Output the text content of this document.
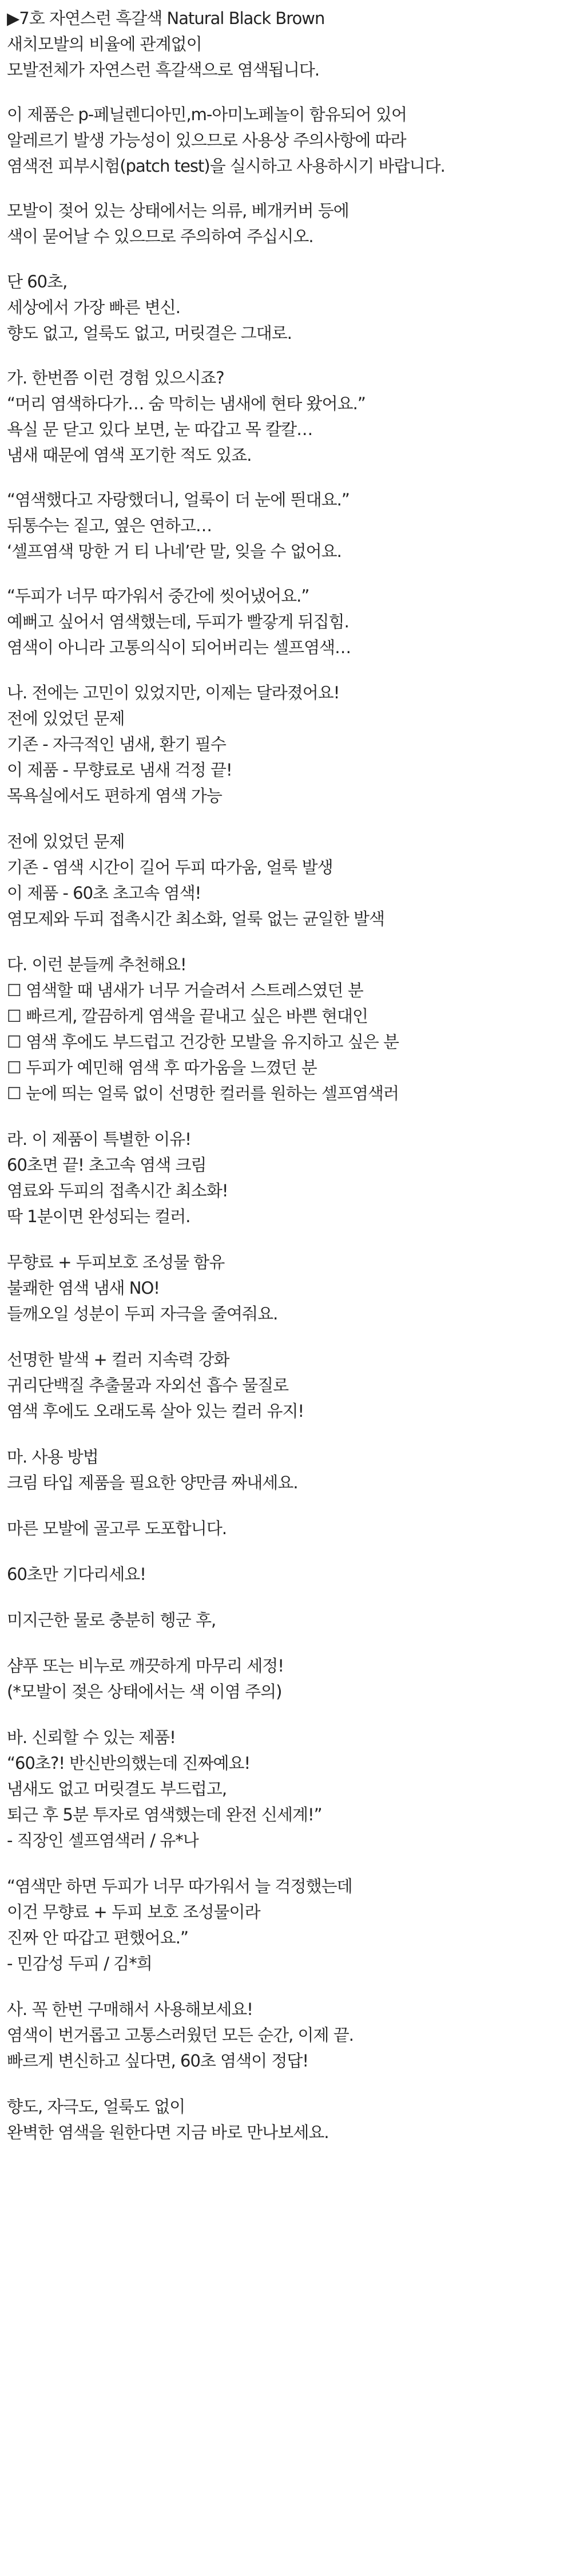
▶7호 자연스런 흑갈색 Natural Black Brown
새치모발의 비율에 관계없이
모발전체가 자연스런 흑갈색으로 염색됩니다.
이 제품은 p-페닐렌디아민,m-아미노페놀이 함유되어 있어
알레르기 발생 가능성이 있으므로 사용상 주의사항에 따라
염색전 피부시험(patch test)을 실시하고 사용하시기 바랍니다.
모발이 젖어 있는 상태에서는 의류, 베개커버 등에
색이 묻어날 수 있으므로 주의하여 주십시오.
단 60초,
세상에서 가장 빠른 변신.
향도 없고, 얼룩도 없고, 머릿결은 그대로.
가. 한번쯤 이런 경험 있으시죠?
“머리 염색하다가… 숨 막히는 냄새에 현타 왔어요.”
욕실 문 닫고 있다 보면, 눈 따갑고 목 칼칼…
냄새 때문에 염색 포기한 적도 있죠.
“염색했다고 자랑했더니, 얼룩이 더 눈에 띈대요.”
뒤통수는 짙고, 옆은 연하고…
‘셀프염색 망한 거 티 나네’란 말, 잊을 수 없어요.
“두피가 너무 따가워서 중간에 씻어냈어요.”
예뻐고 싶어서 염색했는데, 두피가 빨갛게 뒤집힘.
염색이 아니라 고통의식이 되어버리는 셀프염색…
나. 전에는 고민이 있었지만, 이제는 달라졌어요!
전에 있었던 문제
기존 - 자극적인 냄새, 환기 필수
이 제품 - 무향료로 냄새 걱정 끝!
목욕실에서도 편하게 염색 가능
전에 있었던 문제
기존 - 염색 시간이 길어 두피 따가움, 얼룩 발생
이 제품 - 60초 초고속 염색!
염모제와 두피 접촉시간 최소화, 얼룩 없는 균일한 발색
다. 이런 분들께 추천해요!
☐ 염색할 때 냄새가 너무 거슬려서 스트레스였던 분
☐ 빠르게, 깔끔하게 염색을 끝내고 싶은 바쁜 현대인
☐ 염색 후에도 부드럽고 건강한 모발을 유지하고 싶은 분
☐ 두피가 예민해 염색 후 따가움을 느꼈던 분
☐ 눈에 띄는 얼룩 없이 선명한 컬러를 원하는 셀프염색러
라. 이 제품이 특별한 이유!
60초면 끝! 초고속 염색 크림
염료와 두피의 접촉시간 최소화!
딱 1분이면 완성되는 컬러.
무향료 + 두피보호 조성물 함유
불쾌한 염색 냄새 NO!
들깨오일 성분이 두피 자극을 줄여줘요.
선명한 발색 + 컬러 지속력 강화
귀리단백질 추출물과 자외선 흡수 물질로
염색 후에도 오래도록 살아 있는 컬러 유지!
마. 사용 방법
크림 타입 제품을 필요한 양만큼 짜내세요.
마른 모발에 골고루 도포합니다.
60초만 기다리세요!
미지근한 물로 충분히 헹군 후,
샴푸 또는 비누로 깨끗하게 마무리 세정!
(*모발이 젖은 상태에서는 색 이염 주의)
바. 신뢰할 수 있는 제품!
“60초?! 반신반의했는데 진짜예요!
냄새도 없고 머릿결도 부드럽고,
퇴근 후 5분 투자로 염색했는데 완전 신세계!”
- 직장인 셀프염색러 / 유*나
“염색만 하면 두피가 너무 따가워서 늘 걱정했는데
이건 무향료 + 두피 보호 조성물이라
진짜 안 따갑고 편했어요.”
- 민감성 두피 / 김*희
사. 꼭 한번 구매해서 사용해보세요!
염색이 번거롭고 고통스러웠던 모든 순간, 이제 끝.
빠르게 변신하고 싶다면, 60초 염색이 정답!
향도, 자극도, 얼룩도 없이
완벽한 염색을 원한다면 지금 바로 만나보세요.
